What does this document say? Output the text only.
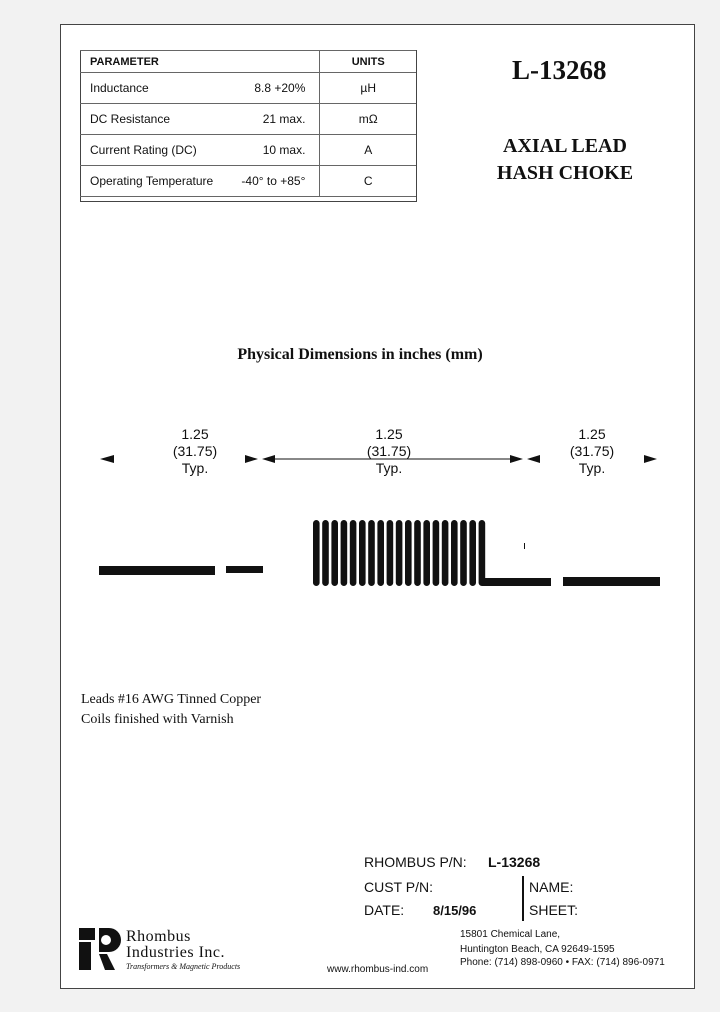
PARAMETER		UNITS
Inductance	8.8 +20%	µH
DC Resistance	21 max.	mΩ
Current Rating (DC)	10 max.	A
Operating Temperature	-40° to +85°	C
L-13268
AXIAL LEAD
HASH CHOKE
Physical Dimensions in inches (mm)
1.25
(31.75)
Typ.
1.25
(31.75)
Typ.
1.25
(31.75)
Typ.
Leads #16 AWG Tinned Copper
Coils finished with Varnish
RHOMBUS P/N: L-13268
CUST P/N:
DATE: 8/15/96
NAME:
SHEET:
Rhombus
Industries Inc.
Transformers & Magnetic Products	www.rhombus-ind.com
15801 Chemical Lane,
Huntington Beach, CA 92649-1595
Phone: (714) 898-0960 • FAX: (714) 896-0971
